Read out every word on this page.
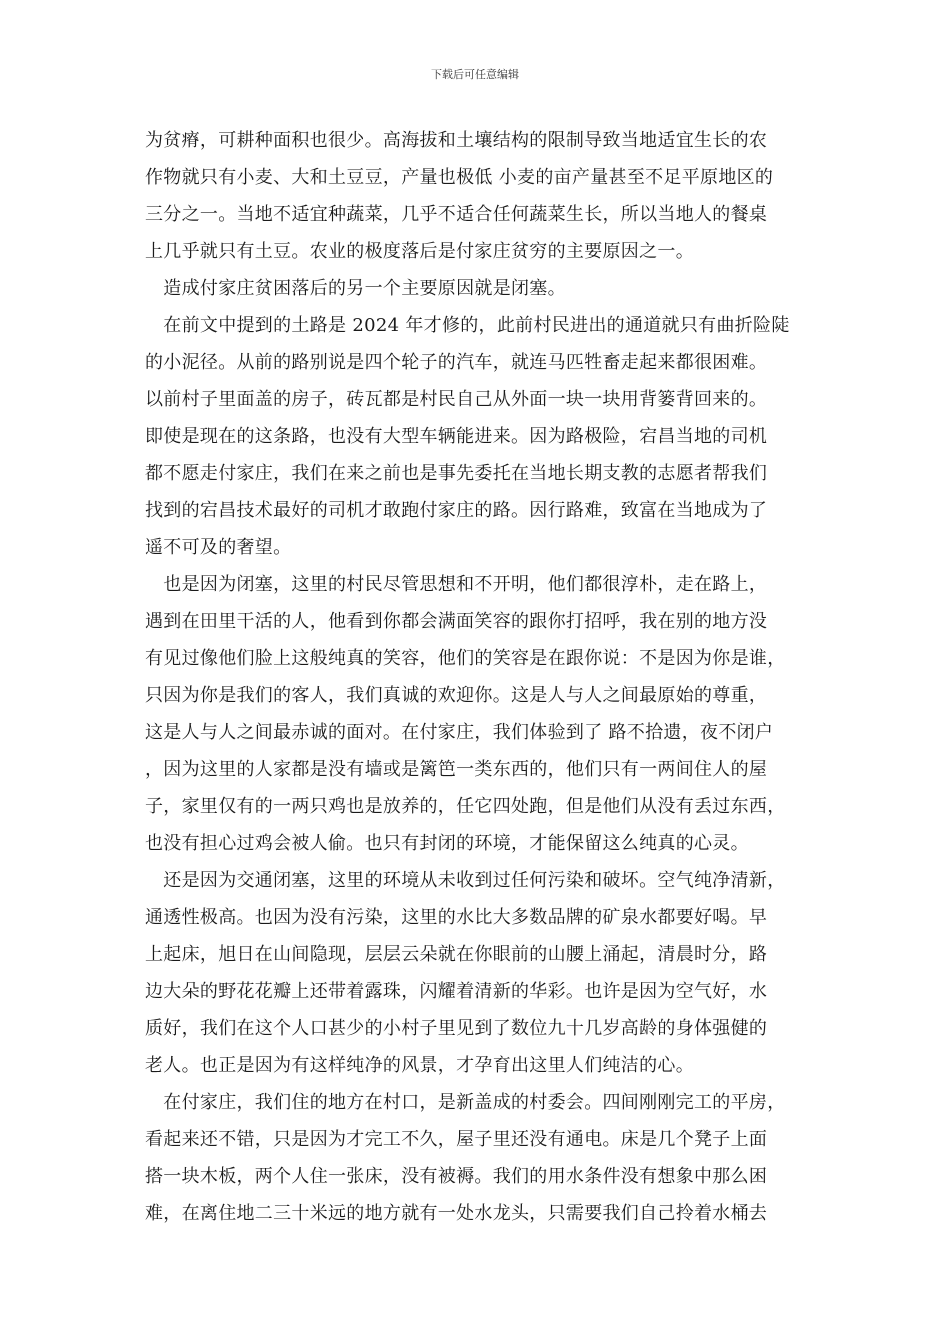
下载后可任意编辑
为贫瘠，可耕种面积也很少。高海拔和土壤结构的限制导致当地适宜生长的农
作物就只有小麦、大和土豆豆，产量也极低 小麦的亩产量甚至不足平原地区的
三分之一。当地不适宜种蔬菜，几乎不适合任何蔬菜生长，所以当地人的餐桌
上几乎就只有土豆。农业的极度落后是付家庄贫穷的主要原因之一。
　造成付家庄贫困落后的另一个主要原因就是闭塞。
　在前文中提到的土路是 2024 年才修的，此前村民进出的通道就只有曲折险陡
的小泥径。从前的路别说是四个轮子的汽车，就连马匹牲畜走起来都很困难。
以前村子里面盖的房子，砖瓦都是村民自己从外面一块一块用背篓背回来的。
即使是现在的这条路，也没有大型车辆能进来。因为路极险，宕昌当地的司机
都不愿走付家庄，我们在来之前也是事先委托在当地长期支教的志愿者帮我们
找到的宕昌技术最好的司机才敢跑付家庄的路。因行路难，致富在当地成为了
遥不可及的奢望。
　也是因为闭塞，这里的村民尽管思想和不开明，他们都很淳朴，走在路上，
遇到在田里干活的人，他看到你都会满面笑容的跟你打招呼，我在别的地方没
有见过像他们脸上这般纯真的笑容，他们的笑容是在跟你说：不是因为你是谁，
只因为你是我们的客人，我们真诚的欢迎你。这是人与人之间最原始的尊重，
这是人与人之间最赤诚的面对。在付家庄，我们体验到了 路不拾遗，夜不闭户
，因为这里的人家都是没有墙或是篱笆一类东西的，他们只有一两间住人的屋
子，家里仅有的一两只鸡也是放养的，任它四处跑，但是他们从没有丢过东西，
也没有担心过鸡会被人偷。也只有封闭的环境，才能保留这么纯真的心灵。
　还是因为交通闭塞，这里的环境从未收到过任何污染和破坏。空气纯净清新，
通透性极高。也因为没有污染，这里的水比大多数品牌的矿泉水都要好喝。早
上起床，旭日在山间隐现，层层云朵就在你眼前的山腰上涌起，清晨时分，路
边大朵的野花花瓣上还带着露珠，闪耀着清新的华彩。也许是因为空气好，水
质好，我们在这个人口甚少的小村子里见到了数位九十几岁高龄的身体强健的
老人。也正是因为有这样纯净的风景，才孕育出这里人们纯洁的心。
　在付家庄，我们住的地方在村口，是新盖成的村委会。四间刚刚完工的平房，
看起来还不错，只是因为才完工不久，屋子里还没有通电。床是几个凳子上面
搭一块木板，两个人住一张床，没有被褥。我们的用水条件没有想象中那么困
难，在离住地二三十米远的地方就有一处水龙头，只需要我们自己拎着水桶去
